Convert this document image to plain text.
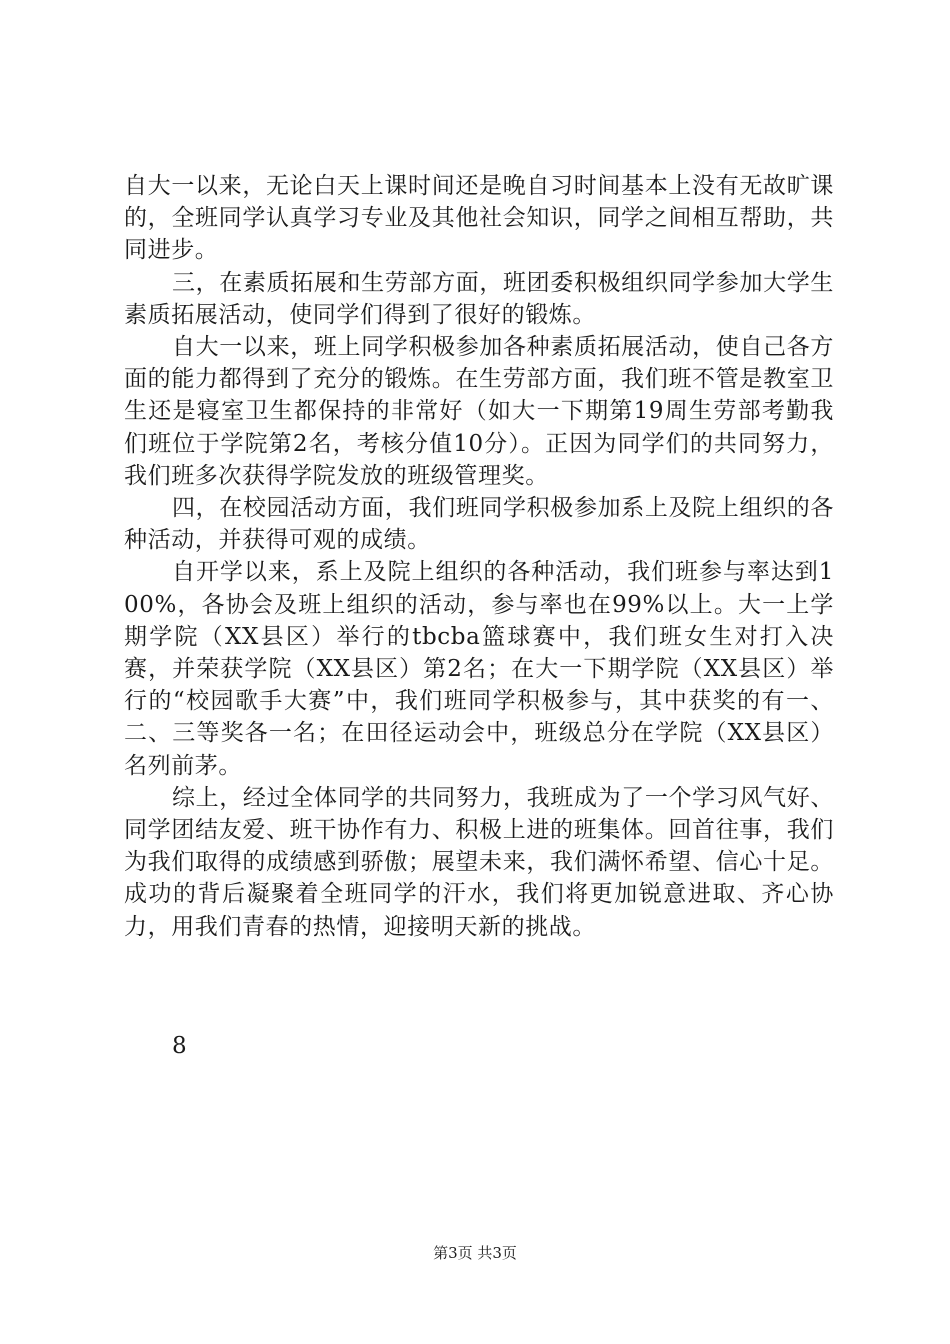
自大一以来，无论白天上课时间还是晚自习时间基本上没有无故旷课的，全班同学认真学习专业及其他社会知识，同学之间相互帮助，共同进步。

三，在素质拓展和生劳部方面，班团委积极组织同学参加大学生素质拓展活动，使同学们得到了很好的锻炼。

自大一以来，班上同学积极参加各种素质拓展活动，使自己各方面的能力都得到了充分的锻炼。在生劳部方面，我们班不管是教室卫生还是寝室卫生都保持的非常好（如大一下期第19周生劳部考勤我们班位于学院第2名，考核分值10分）。正因为同学们的共同努力，我们班多次获得学院发放的班级管理奖。

四，在校园活动方面，我们班同学积极参加系上及院上组织的各种活动，并获得可观的成绩。

自开学以来，系上及院上组织的各种活动，我们班参与率达到100%，各协会及班上组织的活动，参与率也在99%以上。大一上学期学院（XX县区）举行的tbcba篮球赛中，我们班女生对打入决赛，并荣获学院（XX县区）第2名；在大一下期学院（XX县区）举行的“校园歌手大赛”中，我们班同学积极参与，其中获奖的有一、二、三等奖各一名；在田径运动会中，班级总分在学院（XX县区）名列前茅。

综上，经过全体同学的共同努力，我班成为了一个学习风气好、同学团结友爱、班干协作有力、积极上进的班集体。回首往事，我们为我们取得的成绩感到骄傲；展望未来，我们满怀希望、信心十足。成功的背后凝聚着全班同学的汗水，我们将更加锐意进取、齐心协力，用我们青春的热情，迎接明天新的挑战。

8
第3页 共3页
